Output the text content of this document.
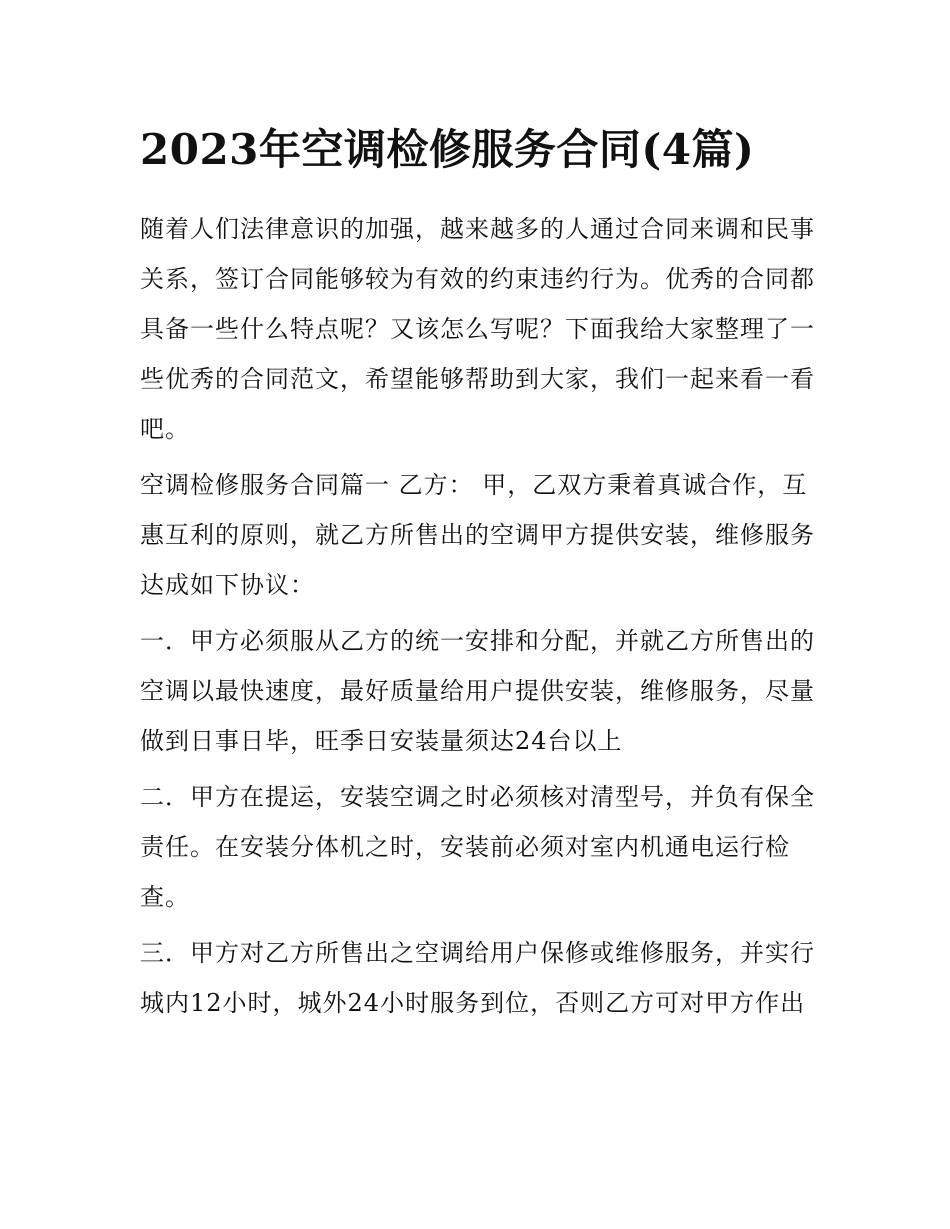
2023年空调检修服务合同(4篇)

随着人们法律意识的加强，越来越多的人通过合同来调和民事关系，签订合同能够较为有效的约束违约行为。优秀的合同都具备一些什么特点呢？又该怎么写呢？下面我给大家整理了一些优秀的合同范文，希望能够帮助到大家，我们一起来看一看吧。

空调检修服务合同篇一 乙方： 甲，乙双方秉着真诚合作，互惠互利的原则，就乙方所售出的空调甲方提供安装，维修服务达成如下协议：

一．甲方必须服从乙方的统一安排和分配，并就乙方所售出的空调以最快速度，最好质量给用户提供安装，维修服务，尽量做到日事日毕，旺季日安装量须达24台以上

二．甲方在提运，安装空调之时必须核对清型号，并负有保全责任。在安装分体机之时，安装前必须对室内机通电运行检查。

三．甲方对乙方所售出之空调给用户保修或维修服务，并实行城内12小时，城外24小时服务到位，否则乙方可对甲方作出
